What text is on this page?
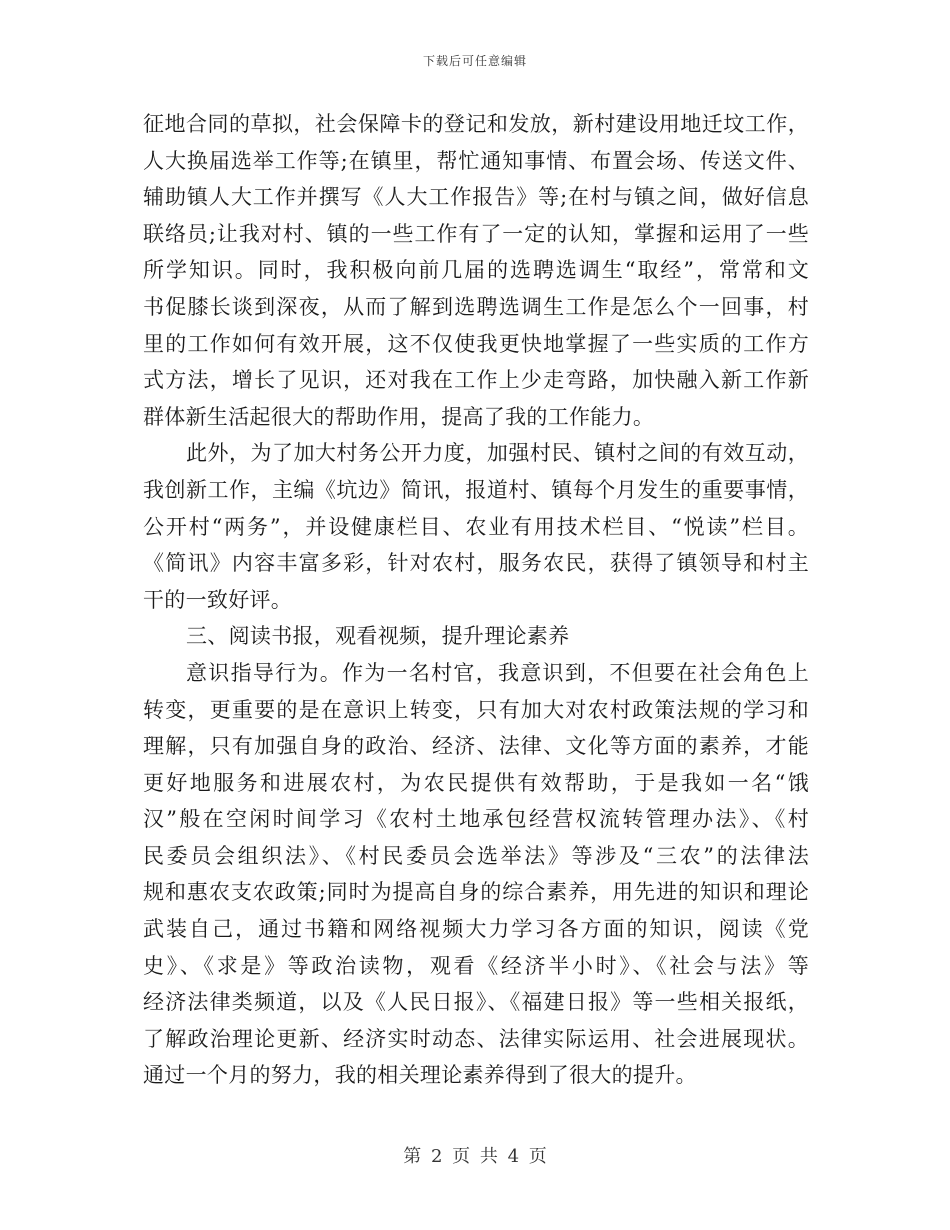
下载后可任意编辑
征地合同的草拟，社会保障卡的登记和发放，新村建设用地迁坟工作，
人大换届选举工作等;在镇里，帮忙通知事情、布置会场、传送文件、
辅助镇人大工作并撰写《人大工作报告》等;在村与镇之间，做好信息
联络员;让我对村、镇的一些工作有了一定的认知，掌握和运用了一些
所学知识。同时，我积极向前几届的选聘选调生“取经”，常常和文
书促膝长谈到深夜，从而了解到选聘选调生工作是怎么个一回事，村
里的工作如何有效开展，这不仅使我更快地掌握了一些实质的工作方
式方法，增长了见识，还对我在工作上少走弯路，加快融入新工作新
群体新生活起很大的帮助作用，提高了我的工作能力。
此外，为了加大村务公开力度，加强村民、镇村之间的有效互动，
我创新工作，主编《坑边》简讯，报道村、镇每个月发生的重要事情，
公开村“两务”，并设健康栏目、农业有用技术栏目、“悦读”栏目。
《简讯》内容丰富多彩，针对农村，服务农民，获得了镇领导和村主
干的一致好评。
三、阅读书报，观看视频，提升理论素养
意识指导行为。作为一名村官，我意识到，不但要在社会角色上
转变，更重要的是在意识上转变，只有加大对农村政策法规的学习和
理解，只有加强自身的政治、经济、法律、文化等方面的素养，才能
更好地服务和进展农村，为农民提供有效帮助，于是我如一名“饿
汉”般在空闲时间学习《农村土地承包经营权流转管理办法》、《村
民委员会组织法》、《村民委员会选举法》等涉及“三农”的法律法
规和惠农支农政策;同时为提高自身的综合素养，用先进的知识和理论
武装自己，通过书籍和网络视频大力学习各方面的知识，阅读《党
史》、《求是》等政治读物，观看《经济半小时》、《社会与法》等
经济法律类频道，以及《人民日报》、《福建日报》等一些相关报纸，
了解政治理论更新、经济实时动态、法律实际运用、社会进展现状。
通过一个月的努力，我的相关理论素养得到了很大的提升。
第 2 页 共 4 页
